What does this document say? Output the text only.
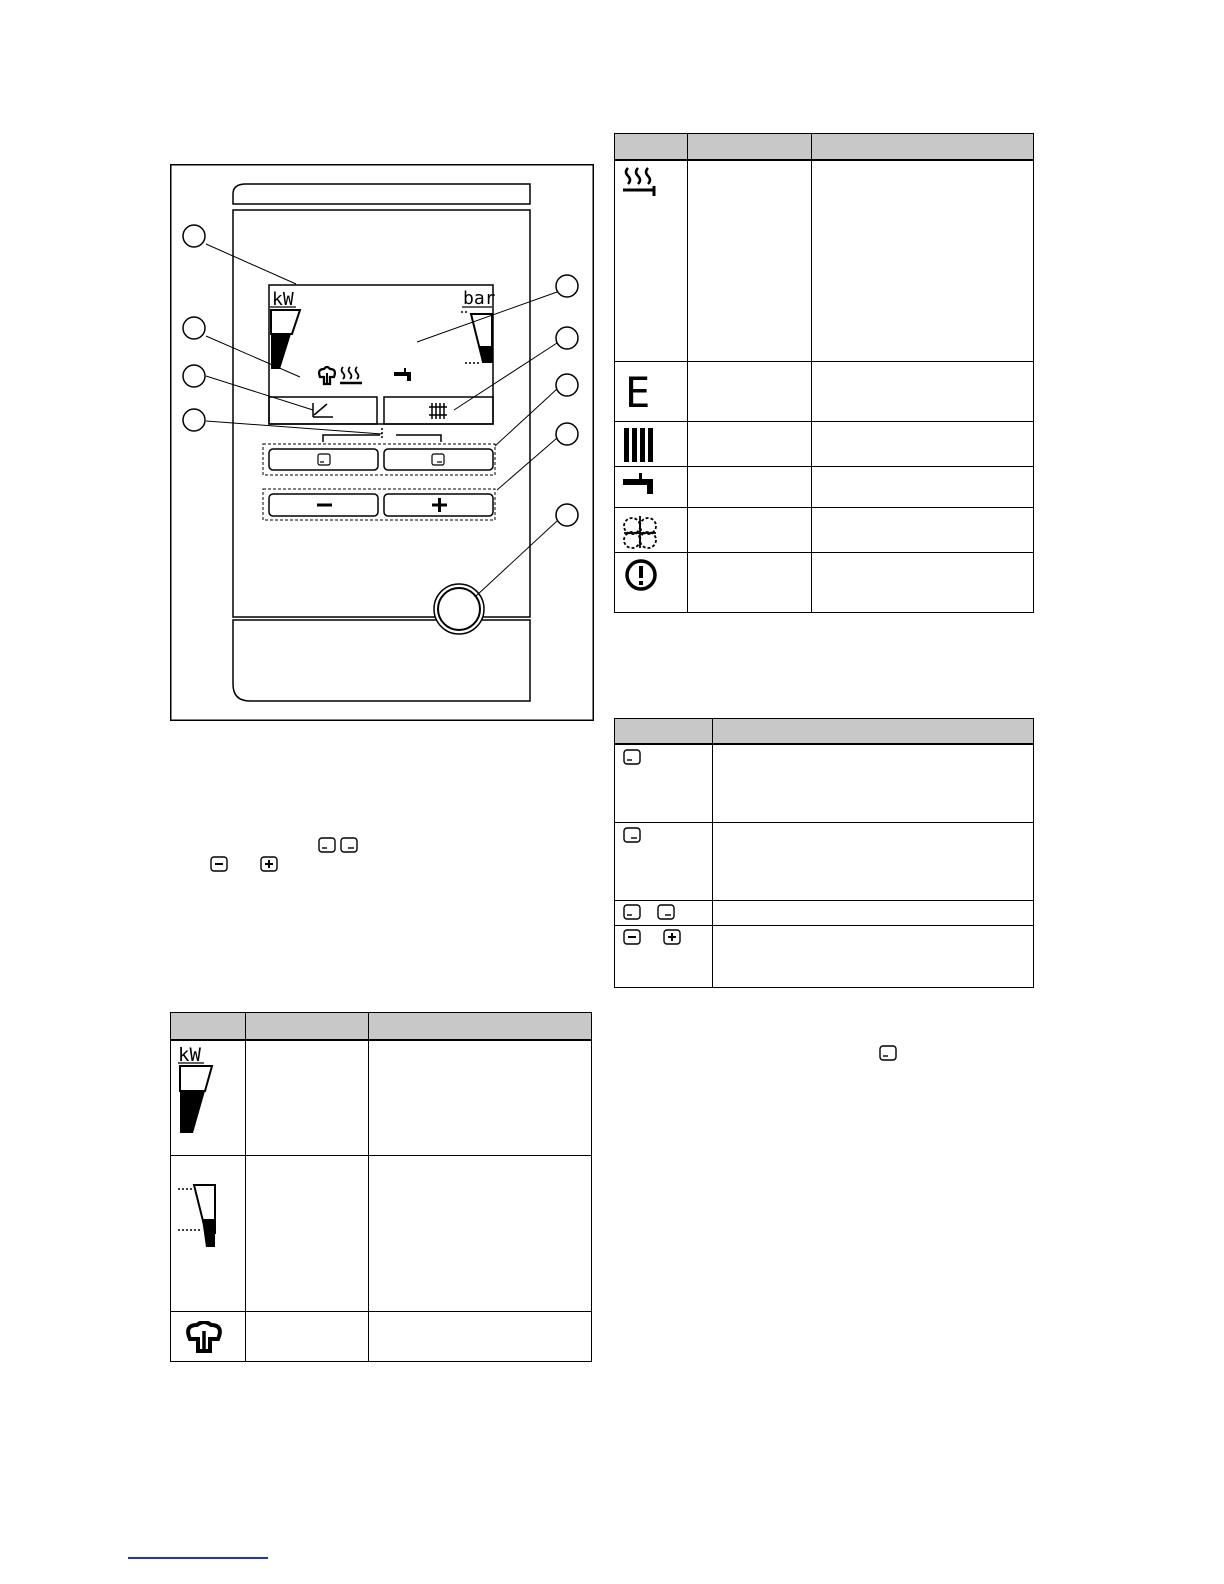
kW	bar
kW
E
